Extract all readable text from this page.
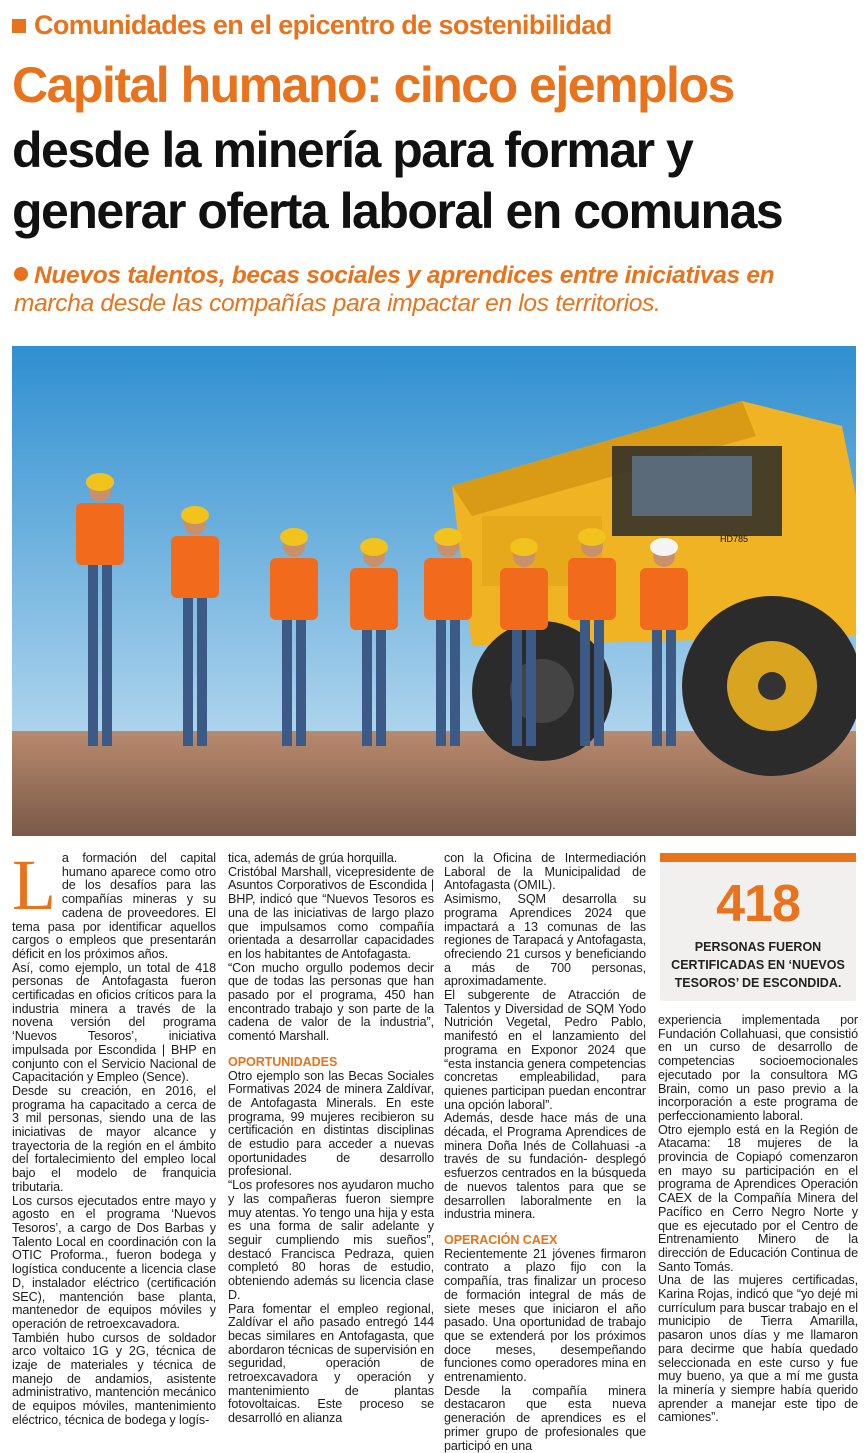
Comunidades en el epicentro de sostenibilidad
Capital humano: cinco ejemplos
desde la minería para formar y
generar oferta laboral en comunas
Nuevos talentos, becas sociales y aprendices entre iniciativas en
marcha desde las compañías para impactar en los territorios.
HD785
L a formación del capital humano aparece como otro de los desafíos para las compañías mineras y su cadena de proveedores. El tema pasa por identificar aquellos cargos o empleos que presentarán déficit en los próximos años.

Así, como ejemplo, un total de 418 personas de Antofagasta fueron certificadas en oficios críticos para la industria minera a través de la novena versión del programa ‘Nuevos Tesoros’, iniciativa impulsada por Escondida | BHP en conjunto con el Servicio Nacional de Capacitación y Empleo (Sence).

Desde su creación, en 2016, el programa ha capacitado a cerca de 3 mil personas, siendo una de las iniciativas de mayor alcance y trayectoria de la región en el ámbito del fortalecimiento del empleo local bajo el modelo de franquicia tributaria.

Los cursos ejecutados entre mayo y agosto en el programa ‘Nuevos Tesoros’, a cargo de Dos Barbas y Talento Local en coordinación con la OTIC Proforma., fueron bodega y logística conducente a licencia clase D, instalador eléctrico (certificación SEC), mantención base planta, mantenedor de equipos móviles y operación de retroexcavadora.

También hubo cursos de soldador arco voltaico 1G y 2G, técnica de izaje de materiales y técnica de manejo de andamios, asistente administrativo, mantención mecánico de equipos móviles, mantenimiento eléctrico, técnica de bodega y logís-

tica, además de grúa horquilla.

Cristóbal Marshall, vicepresidente de Asuntos Corporativos de Escondida | BHP, indicó que “Nuevos Tesoros es una de las iniciativas de largo plazo que impulsamos como compañía orientada a desarrollar capacidades en los habitantes de Antofagasta.

“Con mucho orgullo podemos decir que de todas las personas que han pasado por el programa, 450 han encontrado trabajo y son parte de la cadena de valor de la industria”, comentó Marshall.

OPORTUNIDADES

Otro ejemplo son las Becas Sociales Formativas 2024 de minera Zaldívar, de Antofagasta Minerals. En este programa, 99 mujeres recibieron su certificación en distintas disciplinas de estudio para acceder a nuevas oportunidades de desarrollo profesional.

“Los profesores nos ayudaron mucho y las compañeras fueron siempre muy atentas. Yo tengo una hija y esta es una forma de salir adelante y seguir cumpliendo mis sueños”, destacó Francisca Pedraza, quien completó 80 horas de estudio, obteniendo además su licencia clase D.

Para fomentar el empleo regional, Zaldívar el año pasado entregó 144 becas similares en Antofagasta, que abordaron técnicas de supervisión en seguridad, operación de retroexcavadora y operación y mantenimiento de plantas fotovoltaicas. Este proceso se desarrolló en alianza

con la Oficina de Intermediación Laboral de la Municipalidad de Antofagasta (OMIL).

Asimismo, SQM desarrolla su programa Aprendices 2024 que impactará a 13 comunas de las regiones de Tarapacá y Antofagasta, ofreciendo 21 cursos y beneficiando a más de 700 personas, aproximadamente.

El subgerente de Atracción de Talentos y Diversidad de SQM Yodo Nutrición Vegetal, Pedro Pablo, manifestó en el lanzamiento del programa en Exponor 2024 que “esta instancia genera competencias concretas empleabilidad, para quienes participan puedan encontrar una opción laboral”.

Además, desde hace más de una década, el Programa Aprendices de minera Doña Inés de Collahuasi -a través de su fundación- desplegó esfuerzos centrados en la búsqueda de nuevos talentos para que se desarrollen laboralmente en la industria minera.

OPERACIÓN CAEX

Recientemente 21 jóvenes firmaron contrato a plazo fijo con la compañía, tras finalizar un proceso de formación integral de más de siete meses que iniciaron el año pasado. Una oportunidad de trabajo que se extenderá por los próximos doce meses, desempeñando funciones como operadores mina en entrenamiento.

Desde la compañía minera destacaron que esta nueva generación de aprendices es el primer grupo de profesionales que participó en una

418
PERSONAS FUERON CERTIFICADAS EN ‘NUEVOS TESOROS’ DE ESCONDIDA.

experiencia implementada por Fundación Collahuasi, que consistió en un curso de desarrollo de competencias socioemocionales ejecutado por la consultora MG Brain, como un paso previo a la incorporación a este programa de perfeccionamiento laboral.

Otro ejemplo está en la Región de Atacama: 18 mujeres de la provincia de Copiapó comenzaron en mayo su participación en el programa de Aprendices Operación CAEX de la Compañía Minera del Pacífico en Cerro Negro Norte y que es ejecutado por el Centro de Entrenamiento Minero de la dirección de Educación Continua de Santo Tomás.

Una de las mujeres certificadas, Karina Rojas, indicó que “yo dejé mi currículum para buscar trabajo en el municipio de Tierra Amarilla, pasaron unos días y me llamaron para decirme que había quedado seleccionada en este curso y fue muy bueno, ya que a mí me gusta la minería y siempre había querido aprender a manejar este tipo de camiones”.
